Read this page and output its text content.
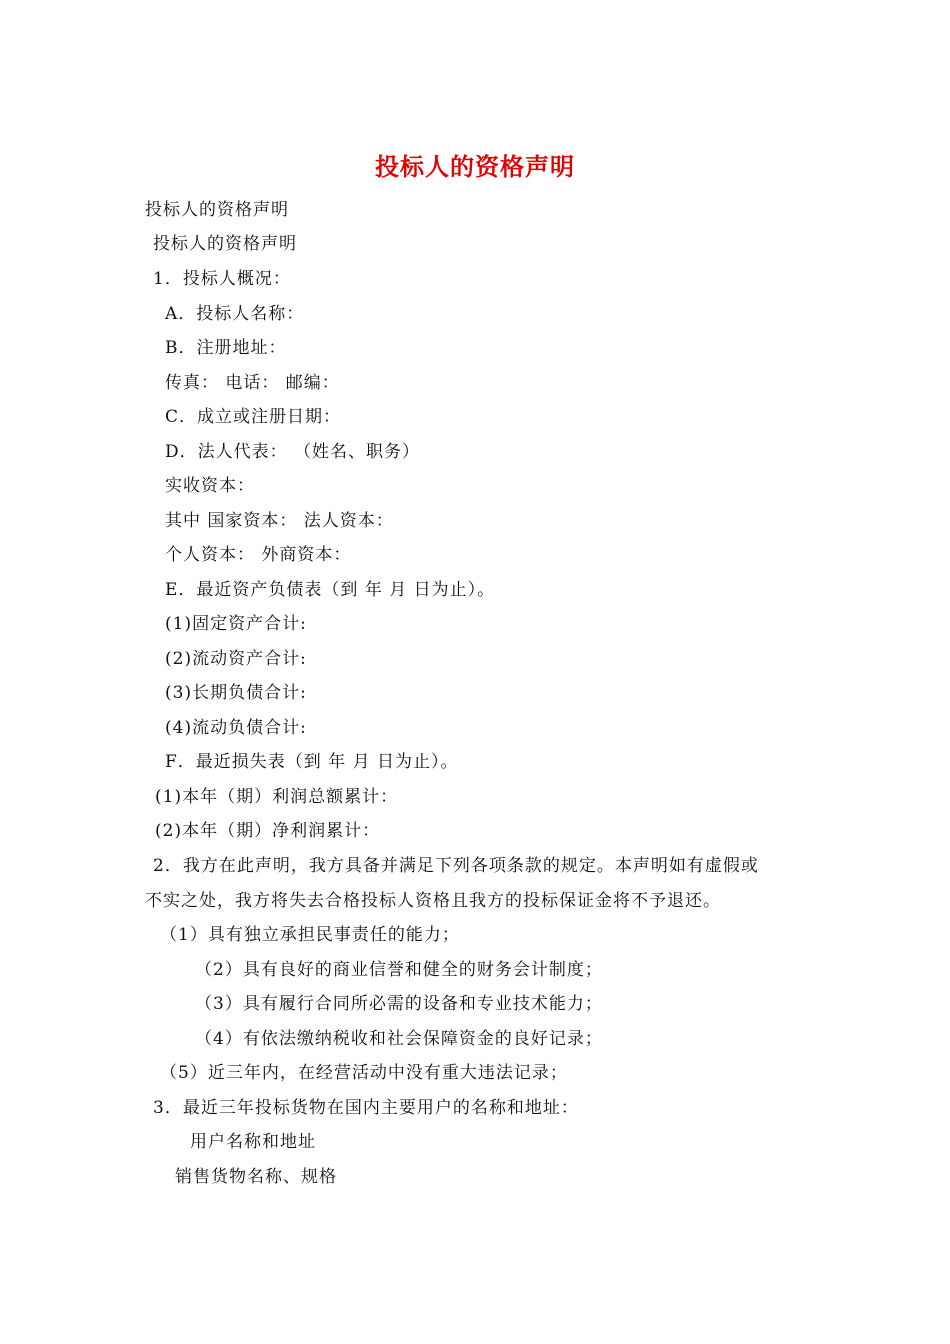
投标人的资格声明
投标人的资格声明
投标人的资格声明
1．投标人概况：
A．投标人名称：
B．注册地址：
传真： 电话： 邮编：
C．成立或注册日期：
D．法人代表： （姓名、职务）
实收资本：
其中 国家资本： 法人资本：
个人资本： 外商资本：
E．最近资产负债表（到 年 月 日为止）。
(1)固定资产合计:
(2)流动资产合计:
(3)长期负债合计:
(4)流动负债合计:
F．最近损失表（到 年 月 日为止）。
(1)本年（期）利润总额累计：
(2)本年（期）净利润累计：
2．我方在此声明，我方具备并满足下列各项条款的规定。本声明如有虚假或
不实之处，我方将失去合格投标人资格且我方的投标保证金将不予退还。
（1）具有独立承担民事责任的能力；
（2）具有良好的商业信誉和健全的财务会计制度；
（3）具有履行合同所必需的设备和专业技术能力；
（4）有依法缴纳税收和社会保障资金的良好记录；
（5）近三年内，在经营活动中没有重大违法记录；
3．最近三年投标货物在国内主要用户的名称和地址：
用户名称和地址
销售货物名称、规格
